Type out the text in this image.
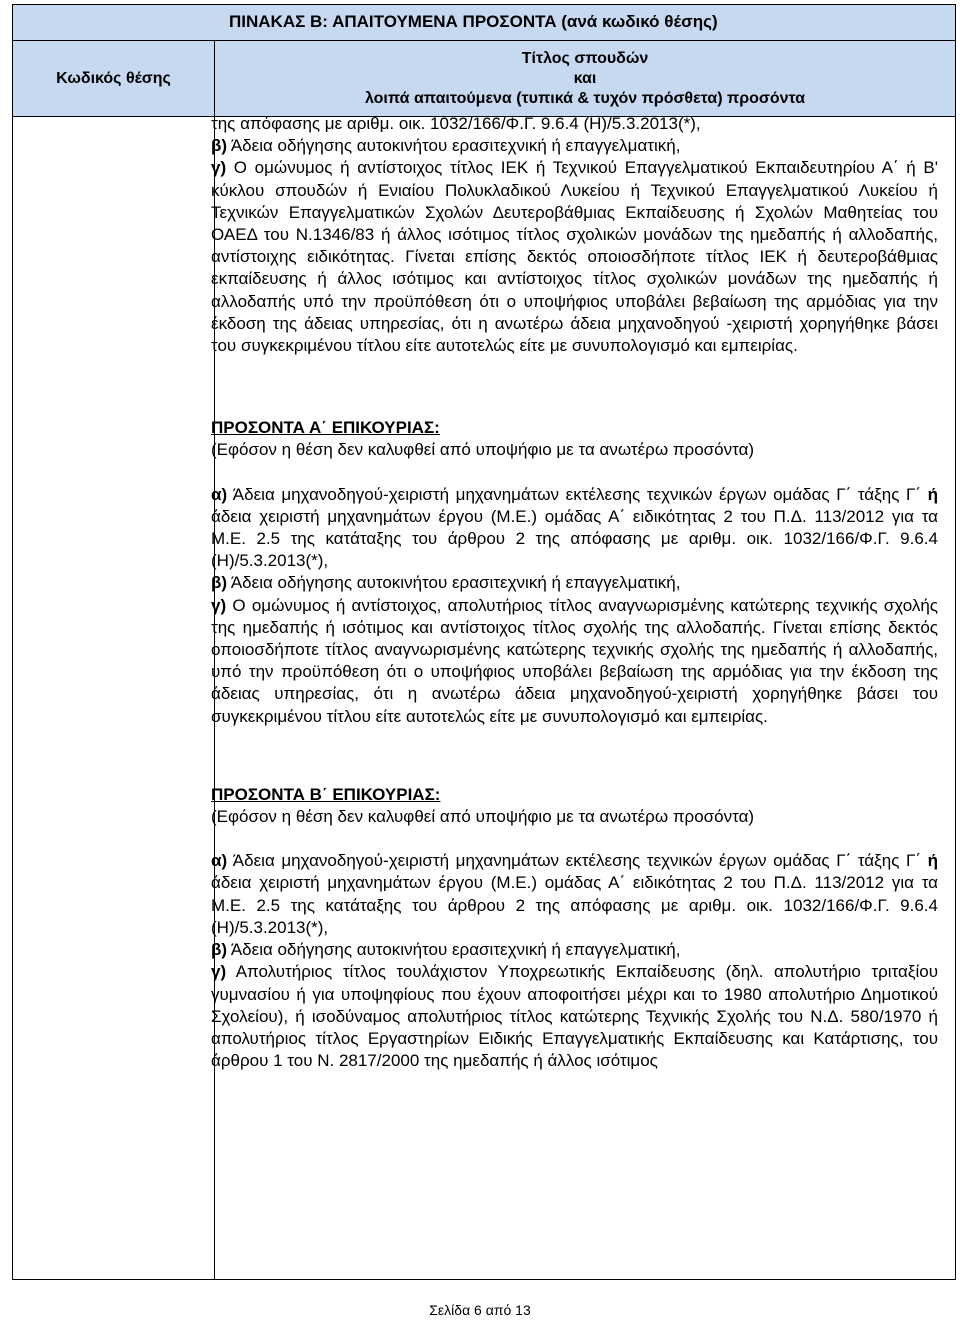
ΠΙΝΑΚΑΣ Β: ΑΠΑΙΤΟΥΜΕΝΑ ΠΡΟΣΟΝΤΑ (ανά κωδικό θέσης)
Κωδικός θέσης
Τίτλος σπουδών
και
λοιπά απαιτούμενα (τυπικά & τυχόν πρόσθετα) προσόντα

της απόφασης με αριθμ. οικ. 1032/166/Φ.Γ. 9.6.4 (Η)/5.3.2013(*),

β) Άδεια οδήγησης αυτοκινήτου ερασιτεχνική ή επαγγελματική,

γ) Ο ομώνυμος ή αντίστοιχος τίτλος ΙΕΚ ή Τεχνικού Επαγγελματικού Εκπαιδευτηρίου Α΄ ή Β' κύκλου σπουδών ή Ενιαίου Πολυκλαδικού Λυκείου ή Τεχνικού Επαγγελματικού Λυκείου ή Τεχνικών Επαγγελματικών Σχολών Δευτεροβάθμιας Εκπαίδευσης ή Σχολών Μαθητείας του ΟΑΕΔ του Ν.1346/83 ή άλλος ισότιμος τίτλος σχολικών μονάδων της ημεδαπής ή αλλοδαπής, αντίστοιχης ειδικότητας. Γίνεται επίσης δεκτός οποιοσδήποτε τίτλος ΙΕΚ ή δευτεροβάθμιας εκπαίδευσης ή άλλος ισότιμος και αντίστοιχος τίτλος σχολικών μονάδων της ημεδαπής ή αλλοδαπής υπό την προϋπόθεση ότι ο υποψήφιος υποβάλει βεβαίωση της αρμόδιας για την έκδοση της άδειας υπηρεσίας, ότι η ανωτέρω άδεια μηχανοδηγού -χειριστή χορηγήθηκε βάσει του συγκεκριμένου τίτλου είτε αυτοτελώς είτε με συνυπολογισμό και εμπειρίας.

ΠΡΟΣΟΝΤΑ Α΄ ΕΠΙΚΟΥΡΙΑΣ:

(Εφόσον η θέση δεν καλυφθεί από υποψήφιο με τα ανωτέρω προσόντα)

α) Άδεια μηχανοδηγού-χειριστή μηχανημάτων εκτέλεσης τεχνικών έργων ομάδας Γ΄ τάξης Γ΄ ή άδεια χειριστή μηχανημάτων έργου (Μ.Ε.) ομάδας Α΄ ειδικότητας 2 του Π.Δ. 113/2012 για τα Μ.Ε. 2.5 της κατάταξης του άρθρου 2 της απόφασης με αριθμ. οικ. 1032/166/Φ.Γ. 9.6.4 (Η)/5.3.2013(*),

β) Άδεια οδήγησης αυτοκινήτου ερασιτεχνική ή επαγγελματική,

γ) Ο ομώνυμος ή αντίστοιχος, απολυτήριος τίτλος αναγνωρισμένης κατώτερης τεχνικής σχολής της ημεδαπής ή ισότιμος και αντίστοιχος τίτλος σχολής της αλλοδαπής. Γίνεται επίσης δεκτός οποιοσδήποτε τίτλος αναγνωρισμένης κατώτερης τεχνικής σχολής της ημεδαπής ή αλλοδαπής, υπό την προϋπόθεση ότι ο υποψήφιος υποβάλει βεβαίωση της αρμόδιας για την έκδοση της άδειας υπηρεσίας, ότι η ανωτέρω άδεια μηχανοδηγού-χειριστή χορηγήθηκε βάσει του συγκεκριμένου τίτλου είτε αυτοτελώς είτε με συνυπολογισμό και εμπειρίας.

ΠΡΟΣΟΝΤΑ Β΄ ΕΠΙΚΟΥΡΙΑΣ:

(Εφόσον η θέση δεν καλυφθεί από υποψήφιο με τα ανωτέρω προσόντα)

α) Άδεια μηχανοδηγού-χειριστή μηχανημάτων εκτέλεσης τεχνικών έργων ομάδας Γ΄ τάξης Γ΄ ή άδεια χειριστή μηχανημάτων έργου (Μ.Ε.) ομάδας Α΄ ειδικότητας 2 του Π.Δ. 113/2012 για τα Μ.Ε. 2.5 της κατάταξης του άρθρου 2 της απόφασης με αριθμ. οικ. 1032/166/Φ.Γ. 9.6.4 (Η)/5.3.2013(*),

β) Άδεια οδήγησης αυτοκινήτου ερασιτεχνική ή επαγγελματική,

γ) Απολυτήριος τίτλος τουλάχιστον Υποχρεωτικής Εκπαίδευσης (δηλ. απολυτήριο τριταξίου γυμνασίου ή για υποψηφίους που έχουν αποφοιτήσει μέχρι και το 1980 απολυτήριο Δημοτικού Σχολείου), ή ισοδύναμος απολυτήριος τίτλος κατώτερης Τεχνικής Σχολής του Ν.Δ. 580/1970 ή απολυτήριος τίτλος Εργαστηρίων Ειδικής Επαγγελματικής Εκπαίδευσης και Κατάρτισης, του άρθρου 1 του Ν. 2817/2000 της ημεδαπής ή άλλος ισότιμος

Σελίδα 6 από 13
